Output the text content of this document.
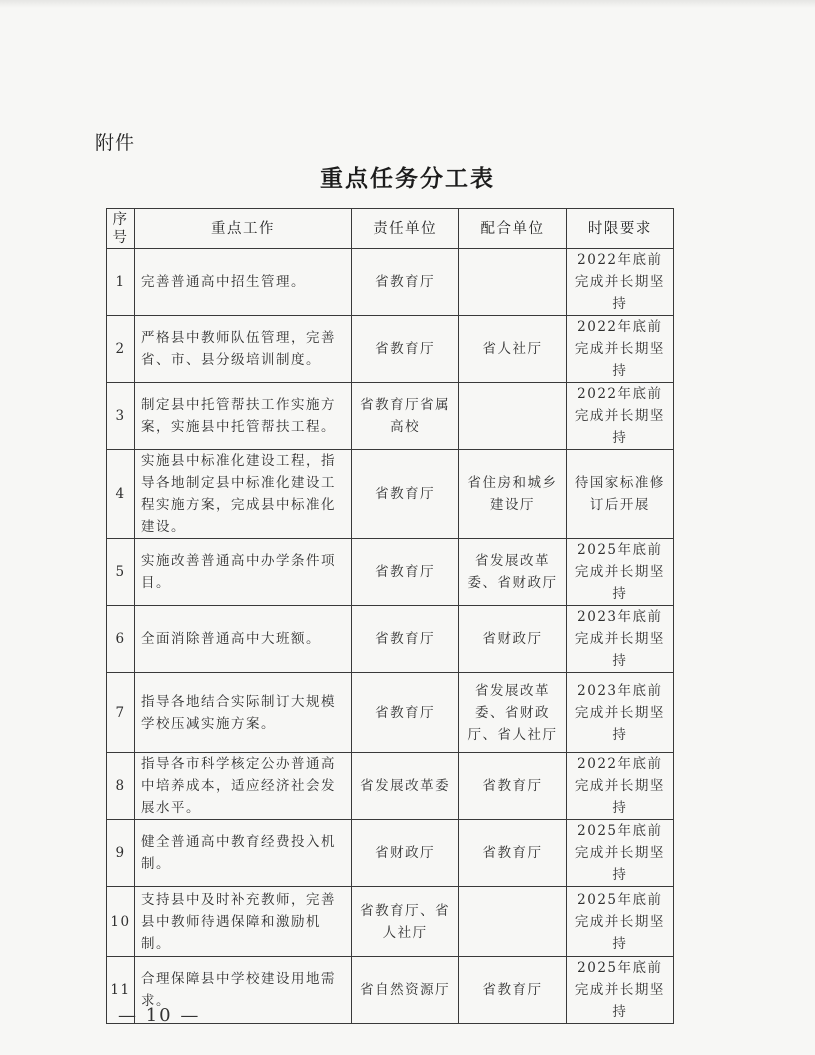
附件
重点任务分工表
序号	重点工作	责任单位	配合单位	时限要求
1	完善普通高中招生管理。	省教育厅		2022年底前完成并长期坚持
2	严格县中教师队伍管理，完善省、市、县分级培训制度。	省教育厅	省人社厅	2022年底前完成并长期坚持
3	制定县中托管帮扶工作实施方案，实施县中托管帮扶工程。	省教育厅省属高校		2022年底前完成并长期坚持
4	实施县中标准化建设工程，指导各地制定县中标准化建设工程实施方案，完成县中标准化建设。	省教育厅	省住房和城乡建设厅	待国家标准修订后开展
5	实施改善普通高中办学条件项目。	省教育厅	省发展改革委、省财政厅	2025年底前完成并长期坚持
6	全面消除普通高中大班额。	省教育厅	省财政厅	2023年底前完成并长期坚持
7	指导各地结合实际制订大规模学校压减实施方案。	省教育厅	省发展改革委、省财政厅、省人社厅	2023年底前完成并长期坚持
8	指导各市科学核定公办普通高中培养成本，适应经济社会发展水平。	省发展改革委	省教育厅	2022年底前完成并长期坚持
9	健全普通高中教育经费投入机制。	省财政厅	省教育厅	2025年底前完成并长期坚持
10	支持县中及时补充教师，完善县中教师待遇保障和激励机制。	省教育厅、省人社厅		2025年底前完成并长期坚持
11	合理保障县中学校建设用地需求。	省自然资源厅	省教育厅	2025年底前完成并长期坚持
— 10 —
